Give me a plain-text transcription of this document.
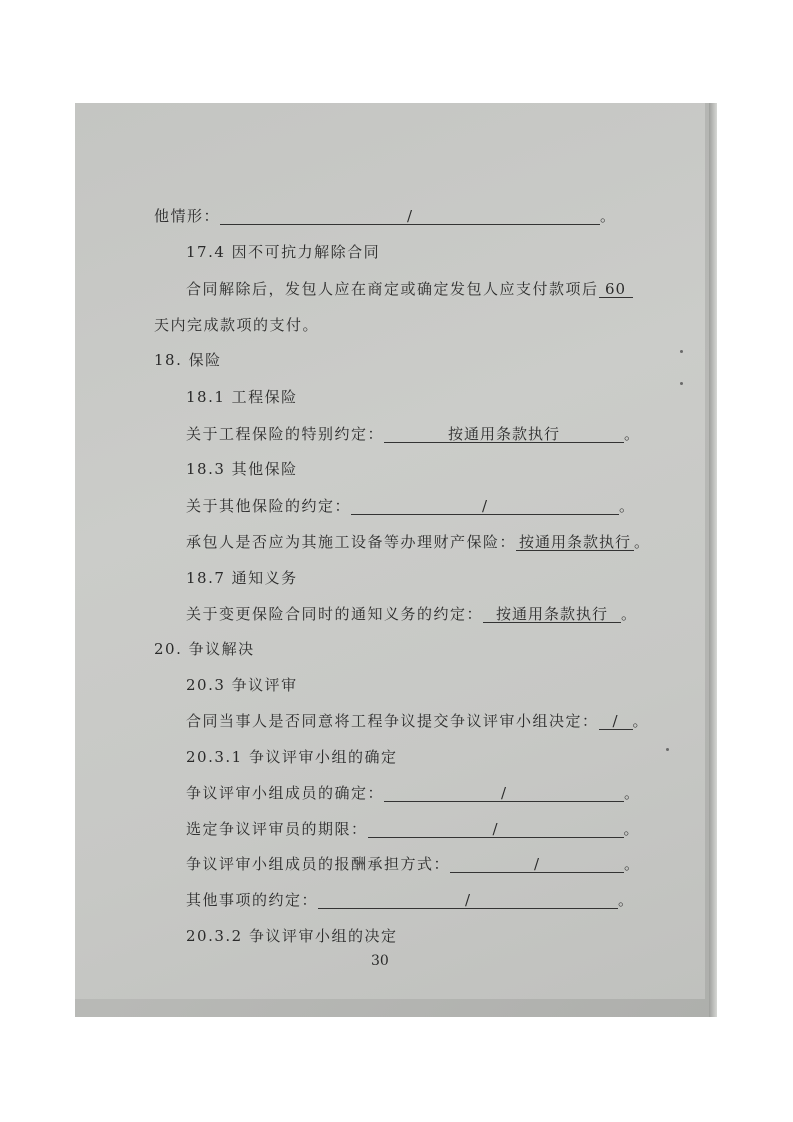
他情形：	/	。
17.4 因不可抗力解除合同
合同解除后，发包人应在商定或确定发包人应支付款项后 60
天内完成款项的支付。
18. 保险
18.1 工程保险
关于工程保险的特别约定：	按通用条款执行	。
18.3 其他保险
关于其他保险的约定：	/	。
承包人是否应为其施工设备等办理财产保险： 按通用条款执行 。
18.7 通知义务
关于变更保险合同时的通知义务的约定： 按通用条款执行 。
20. 争议解决
20.3 争议评审
合同当事人是否同意将工程争议提交争议评审小组决定： / 。
20.3.1 争议评审小组的确定
争议评审小组成员的确定：	/	。
选定争议评审员的期限：	/	。
争议评审小组成员的报酬承担方式：	/	。
其他事项的约定：	/	。
20.3.2 争议评审小组的决定
30
